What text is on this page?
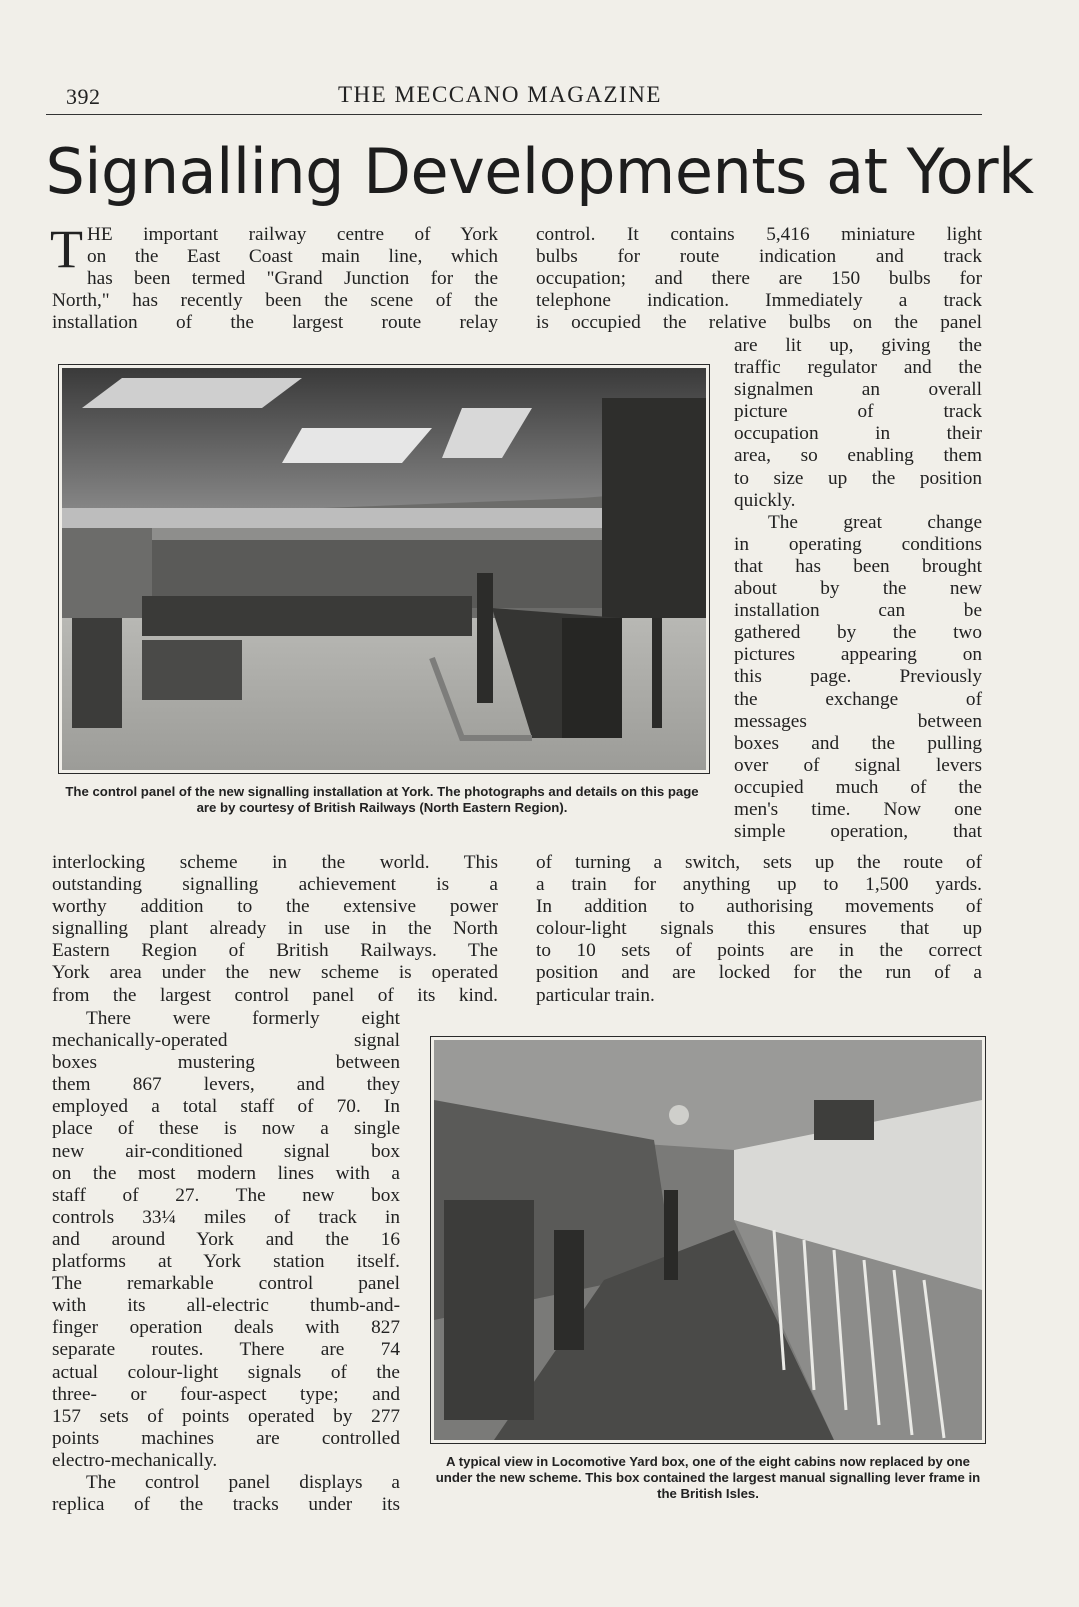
392	THE MECCANO MAGAZINE
Signalling Developments at York
T HE important railway centre of York

on the East Coast main line, which

has been termed "Grand Junction for the

North," has recently been the scene of the

installation of the largest route relay

control. It contains 5,416 miniature light

bulbs for route indication and track

occupation; and there are 150 bulbs for

telephone indication. Immediately a track

is occupied the relative bulbs on the panel

The control panel of the new signalling installation at York. The photographs and details on this page are by courtesy of British Railways (North Eastern Region).

are lit up, giving the

traffic regulator and the

signalmen an overall

picture of track

occupation in their

area, so enabling them

to size up the position

quickly.

The great change

in operating conditions

that has been brought

about by the new

installation can be

gathered by the two

pictures appearing on

this page. Previously

the exchange of

messages between

boxes and the pulling

over of signal levers

occupied much of the

men's time. Now one

simple operation, that

interlocking scheme in the world. This

outstanding signalling achievement is a

worthy addition to the extensive power

signalling plant already in use in the North

Eastern Region of British Railways. The

York area under the new scheme is operated

from the largest control panel of its kind.

of turning a switch, sets up the route of

a train for anything up to 1,500 yards.

In addition to authorising movements of

colour-light signals this ensures that up

to 10 sets of points are in the correct

position and are locked for the run of a

particular train.

There were formerly eight

mechanically-operated signal

boxes mustering between

them 867 levers, and they

employed a total staff of 70. In

place of these is now a single

new air-conditioned signal box

on the most modern lines with a

staff of 27. The new box

controls 33¼ miles of track in

and around York and the 16

platforms at York station itself.

The remarkable control panel

with its all-electric thumb-and-

finger operation deals with 827

separate routes. There are 74

actual colour-light signals of the

three- or four-aspect type; and

157 sets of points operated by 277

points machines are controlled

electro-mechanically.

The control panel displays a

replica of the tracks under its

A typical view in Locomotive Yard box, one of the eight cabins now replaced by one under the new scheme. This box contained the largest manual signalling lever frame in the British Isles.
